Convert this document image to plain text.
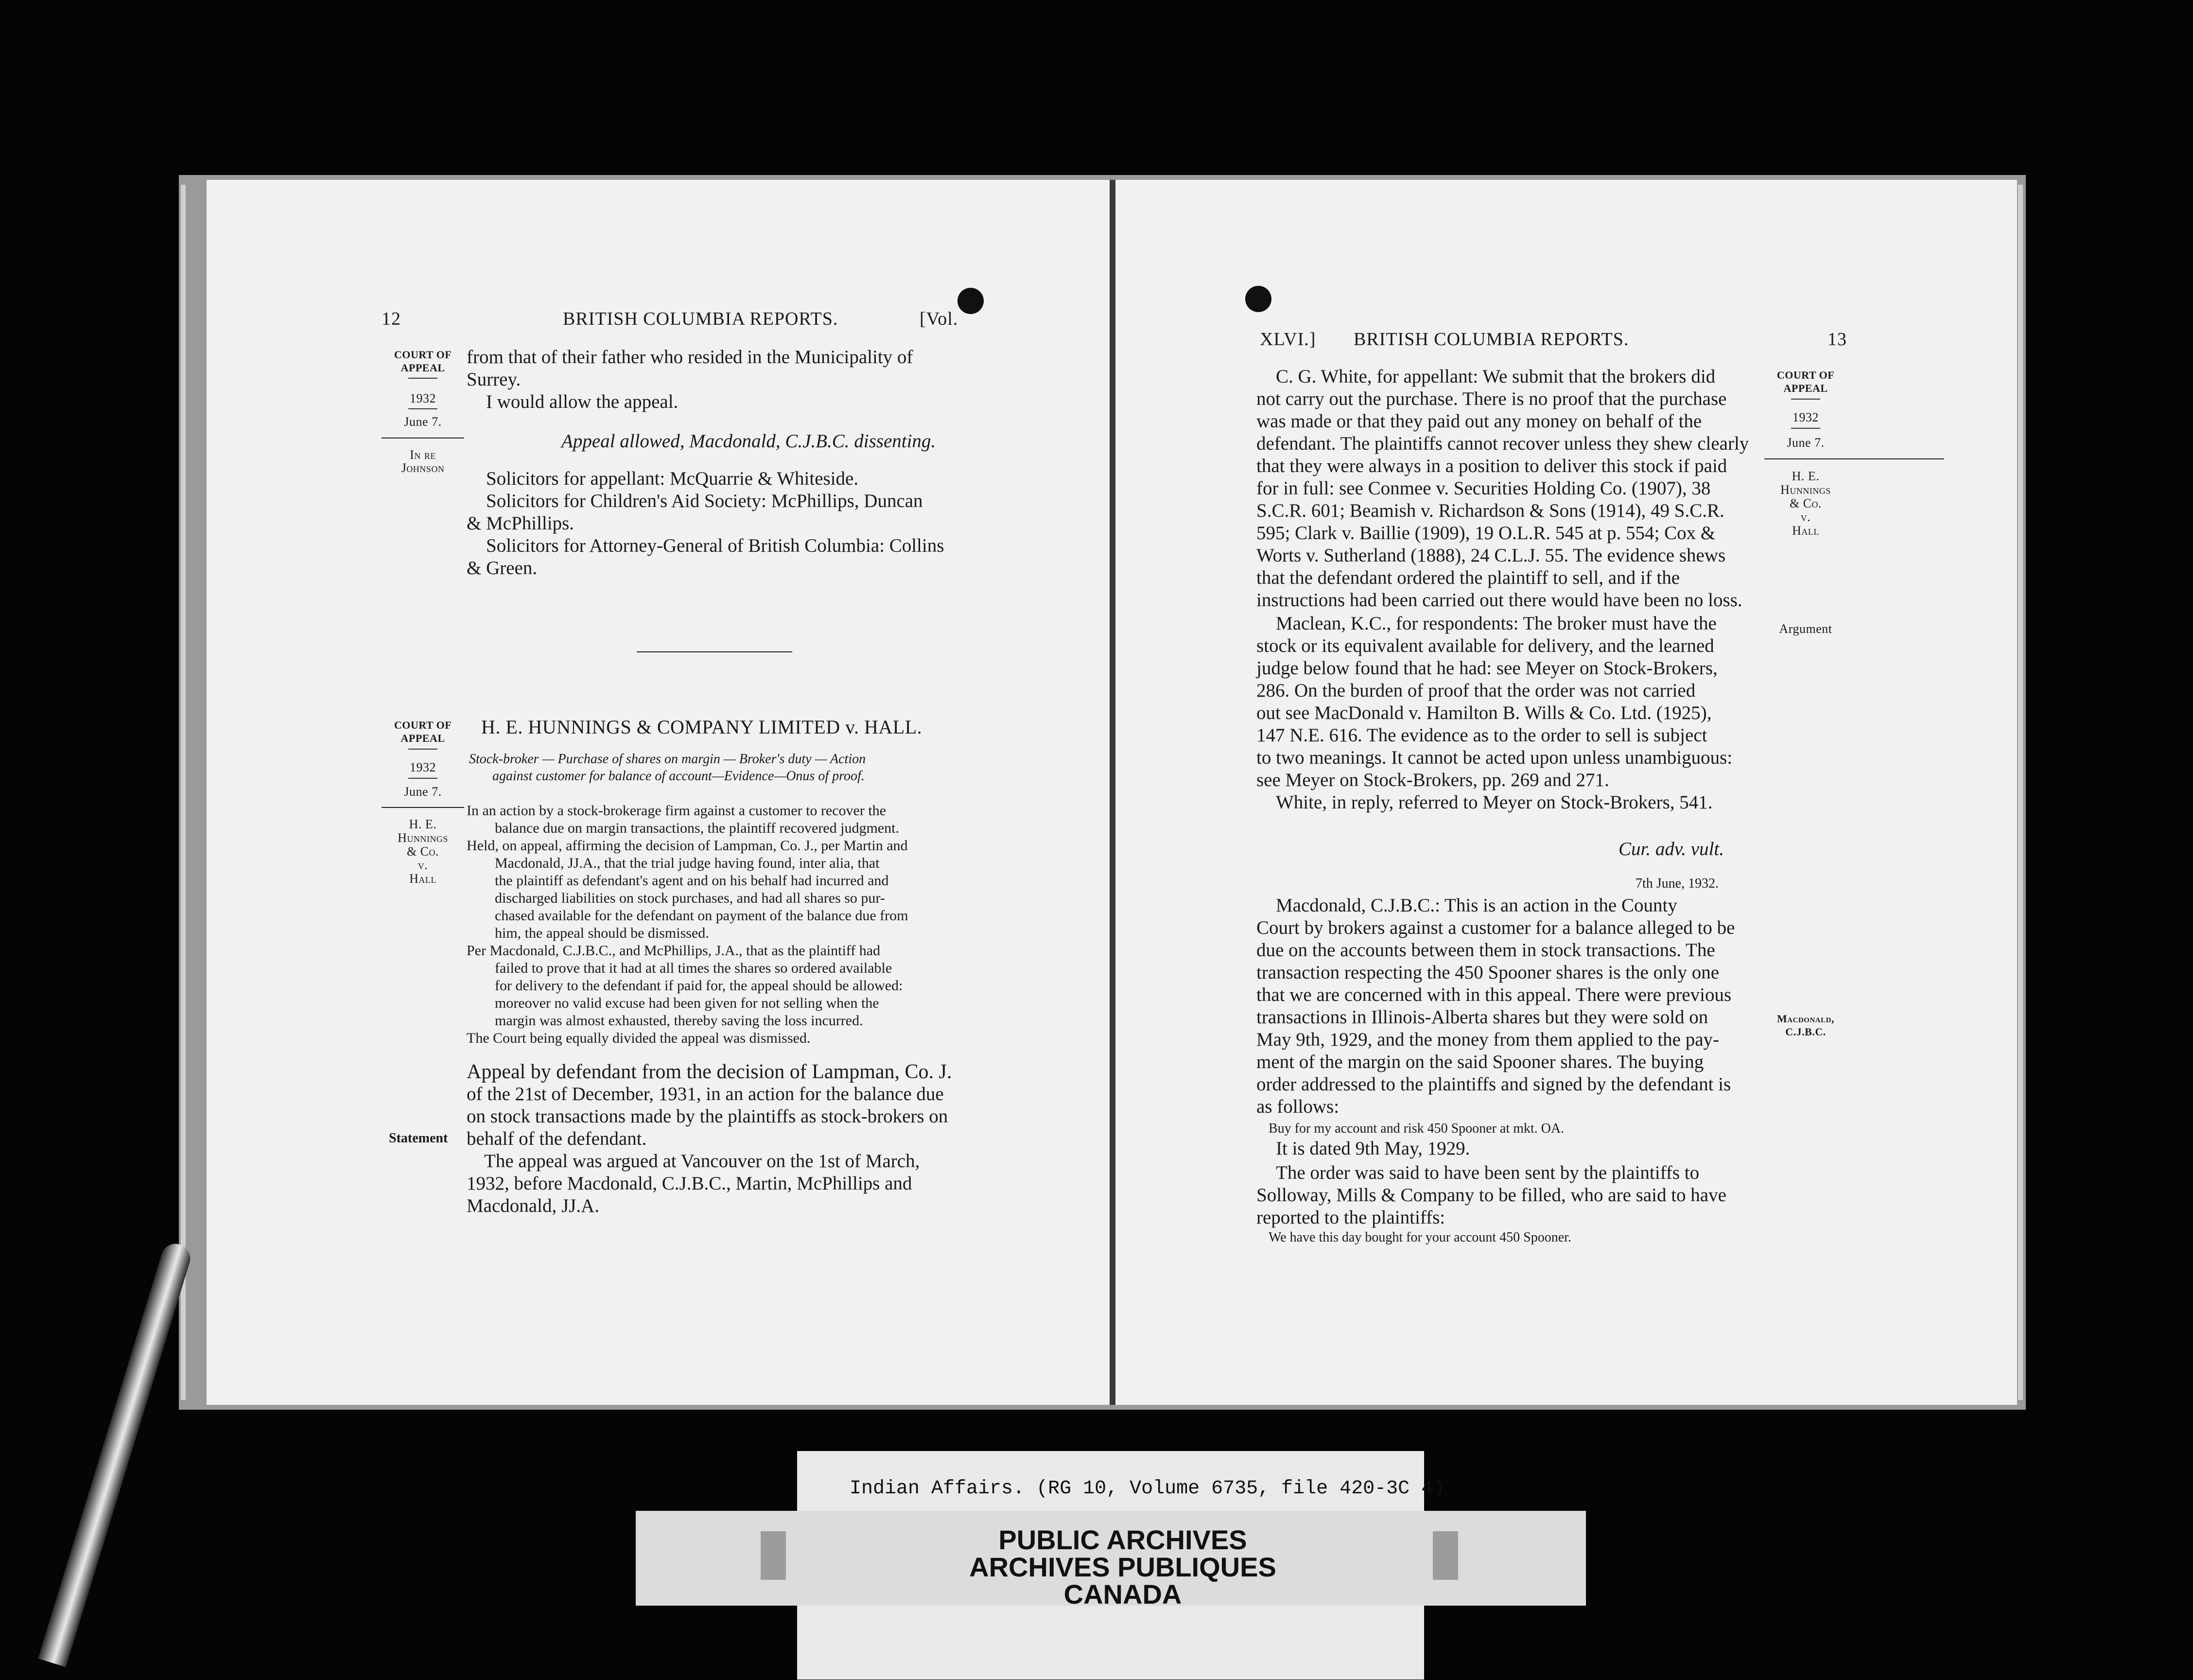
12	BRITISH COLUMBIA REPORTS.	[Vol.
COURT OF
APPEAL
1932
June 7.
In re
Johnson
from that of their father who resided in the Municipality of
Surrey.
I would allow the appeal.
Appeal allowed, Macdonald, C.J.B.C. dissenting.
Solicitors for appellant: McQuarrie & Whiteside.
Solicitors for Children's Aid Society: McPhillips, Duncan
& McPhillips.
Solicitors for Attorney-General of British Columbia: Collins
& Green.
COURT OF
APPEAL
1932
June 7.
H. E.
Hunnings
& Co.
v.
Hall
H. E. HUNNINGS & COMPANY LIMITED v. HALL.
Stock-broker — Purchase of shares on margin — Broker's duty — Action
against customer for balance of account—Evidence—Onus of proof.
In an action by a stock-brokerage firm against a customer to recover the
balance due on margin transactions, the plaintiff recovered judgment.
Held, on appeal, affirming the decision of Lampman, Co. J., per Martin and
Macdonald, JJ.A., that the trial judge having found, inter alia, that
the plaintiff as defendant's agent and on his behalf had incurred and
discharged liabilities on stock purchases, and had all shares so pur-
chased available for the defendant on payment of the balance due from
him, the appeal should be dismissed.
Per Macdonald, C.J.B.C., and McPhillips, J.A., that as the plaintiff had
failed to prove that it had at all times the shares so ordered available
for delivery to the defendant if paid for, the appeal should be allowed:
moreover no valid excuse had been given for not selling when the
margin was almost exhausted, thereby saving the loss incurred.
The Court being equally divided the appeal was dismissed.
Statement
Appeal by defendant from the decision of Lampman, Co. J.
of the 21st of December, 1931, in an action for the balance due
on stock transactions made by the plaintiffs as stock-brokers on
behalf of the defendant.
The appeal was argued at Vancouver on the 1st of March,
1932, before Macdonald, C.J.B.C., Martin, McPhillips and
Macdonald, JJ.A.
XLVI.] BRITISH COLUMBIA REPORTS.	13
COURT OF
APPEAL
1932
June 7.
H. E.
Hunnings
& Co.
v.
Hall
Argument
Macdonald,
C.J.B.C.
C. G. White, for appellant: We submit that the brokers did
not carry out the purchase. There is no proof that the purchase
was made or that they paid out any money on behalf of the
defendant. The plaintiffs cannot recover unless they shew clearly
that they were always in a position to deliver this stock if paid
for in full: see Conmee v. Securities Holding Co. (1907), 38
S.C.R. 601; Beamish v. Richardson & Sons (1914), 49 S.C.R.
595; Clark v. Baillie (1909), 19 O.L.R. 545 at p. 554; Cox &
Worts v. Sutherland (1888), 24 C.L.J. 55. The evidence shews
that the defendant ordered the plaintiff to sell, and if the
instructions had been carried out there would have been no loss.
Maclean, K.C., for respondents: The broker must have the
stock or its equivalent available for delivery, and the learned
judge below found that he had: see Meyer on Stock-Brokers,
286. On the burden of proof that the order was not carried
out see MacDonald v. Hamilton B. Wills & Co. Ltd. (1925),
147 N.E. 616. The evidence as to the order to sell is subject
to two meanings. It cannot be acted upon unless unambiguous:
see Meyer on Stock-Brokers, pp. 269 and 271.
White, in reply, referred to Meyer on Stock-Brokers, 541.
Cur. adv. vult.
7th June, 1932.
Macdonald, C.J.B.C.: This is an action in the County
Court by brokers against a customer for a balance alleged to be
due on the accounts between them in stock transactions. The
transaction respecting the 450 Spooner shares is the only one
that we are concerned with in this appeal. There were previous
transactions in Illinois-Alberta shares but they were sold on
May 9th, 1929, and the money from them applied to the pay-
ment of the margin on the said Spooner shares. The buying
order addressed to the plaintiffs and signed by the defendant is
as follows:
Buy for my account and risk 450 Spooner at mkt. OA.
It is dated 9th May, 1929.
The order was said to have been sent by the plaintiffs to
Solloway, Mills & Company to be filled, who are said to have
reported to the plaintiffs:
We have this day bought for your account 450 Spooner.
Indian Affairs. (RG 10, Volume 6735, file 420-3C 4)
PUBLIC ARCHIVES
ARCHIVES PUBLIQUES
CANADA
